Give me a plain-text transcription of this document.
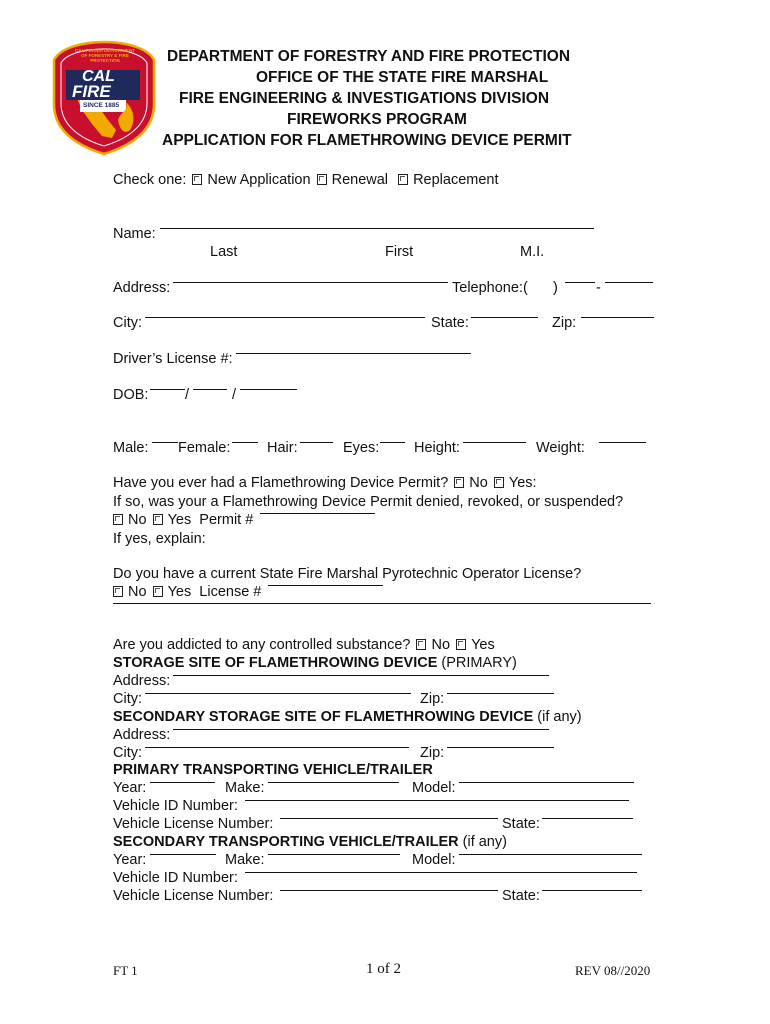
CALIFORNIA DEPARTMENT OF FORESTRY & FIRE PROTECTION
CAL
FIRE
SINCE 1885
DEPARTMENT OF FORESTRY AND FIRE PROTECTION
OFFICE OF THE STATE FIRE MARSHAL
FIRE ENGINEERING & INVESTIGATIONS DIVISION
FIREWORKS PROGRAM
APPLICATION FOR FLAMETHROWING DEVICE PERMIT
Check one: New Application Renewal Replacement
Name:
Last	First	M.I.
Address:	Telephone:( )	-
City:	State:	Zip:
Driver’s License #:
DOB:	/	/
Male: Female:	Hair:	Eyes: Height:	Weight:
Have you ever had a Flamethrowing Device Permit? No Yes:
If so, was your a Flamethrowing Device Permit denied, revoked, or suspended?
No Yes Permit #
If yes, explain:
Do you have a current State Fire Marshal Pyrotechnic Operator License?
No Yes License #
Are you addicted to any controlled substance? No Yes
STORAGE SITE OF FLAMETHROWING DEVICE (PRIMARY)
Address:
City:	Zip:
SECONDARY STORAGE SITE OF FLAMETHROWING DEVICE (if any)
Address:
City:	Zip:
PRIMARY TRANSPORTING VEHICLE/TRAILER
Year:	Make:	Model:
Vehicle ID Number:
Vehicle License Number:	State:
SECONDARY TRANSPORTING VEHICLE/TRAILER (if any)
Year:	Make:	Model:
Vehicle ID Number:
Vehicle License Number:	State:
FT 1	1 of 2	REV 08//2020
